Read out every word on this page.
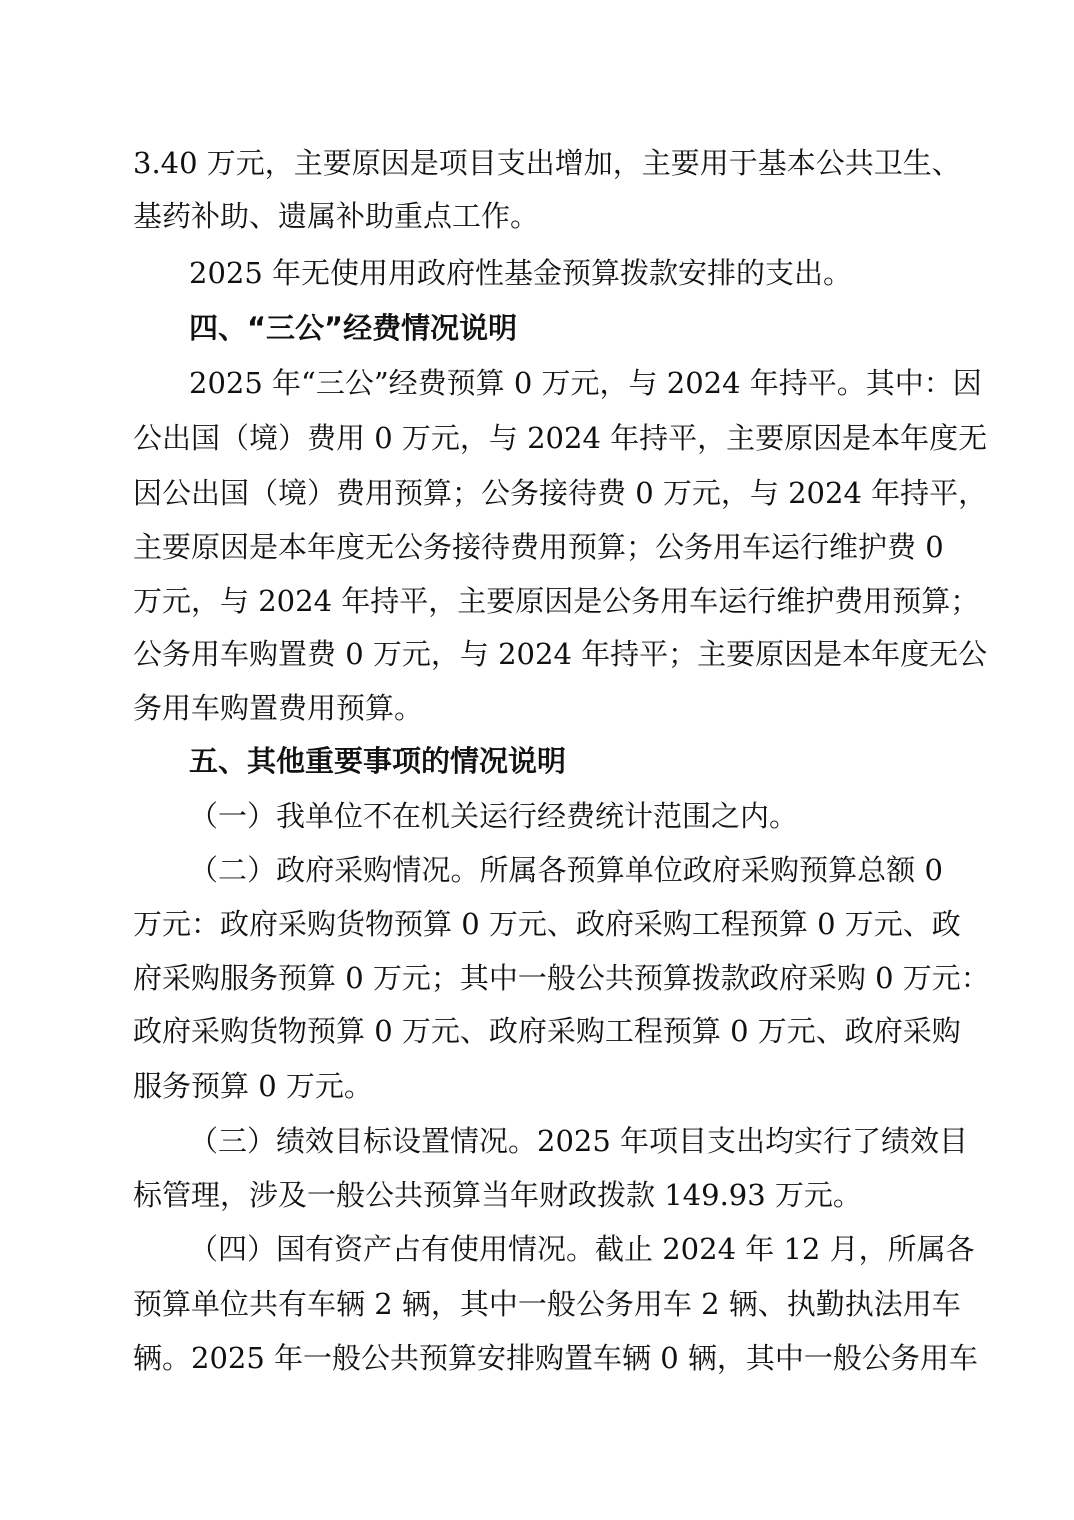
3.40 万元，主要原因是项目支出增加，主要用于基本公共卫生、
基药补助、遗属补助重点工作。
2025 年无使用用政府性基金预算拨款安排的支出。
四、“三公”经费情况说明
2025 年“三公”经费预算 0 万元，与 2024 年持平。其中：因
公出国（境）费用 0 万元，与 2024 年持平，主要原因是本年度无
因公出国（境）费用预算；公务接待费 0 万元，与 2024 年持平，
主要原因是本年度无公务接待费用预算；公务用车运行维护费 0
万元，与 2024 年持平，主要原因是公务用车运行维护费用预算；
公务用车购置费 0 万元，与 2024 年持平；主要原因是本年度无公
务用车购置费用预算。
五、其他重要事项的情况说明
（一）我单位不在机关运行经费统计范围之内。
（二）政府采购情况。所属各预算单位政府采购预算总额 0
万元：政府采购货物预算 0 万元、政府采购工程预算 0 万元、政
府采购服务预算 0 万元；其中一般公共预算拨款政府采购 0 万元：
政府采购货物预算 0 万元、政府采购工程预算 0 万元、政府采购
服务预算 0 万元。
（三）绩效目标设置情况。2025 年项目支出均实行了绩效目
标管理，涉及一般公共预算当年财政拨款 149.93 万元。
（四）国有资产占有使用情况。截止 2024 年 12 月，所属各
预算单位共有车辆 2 辆，其中一般公务用车 2 辆、执勤执法用车
辆。2025 年一般公共预算安排购置车辆 0 辆，其中一般公务用车
